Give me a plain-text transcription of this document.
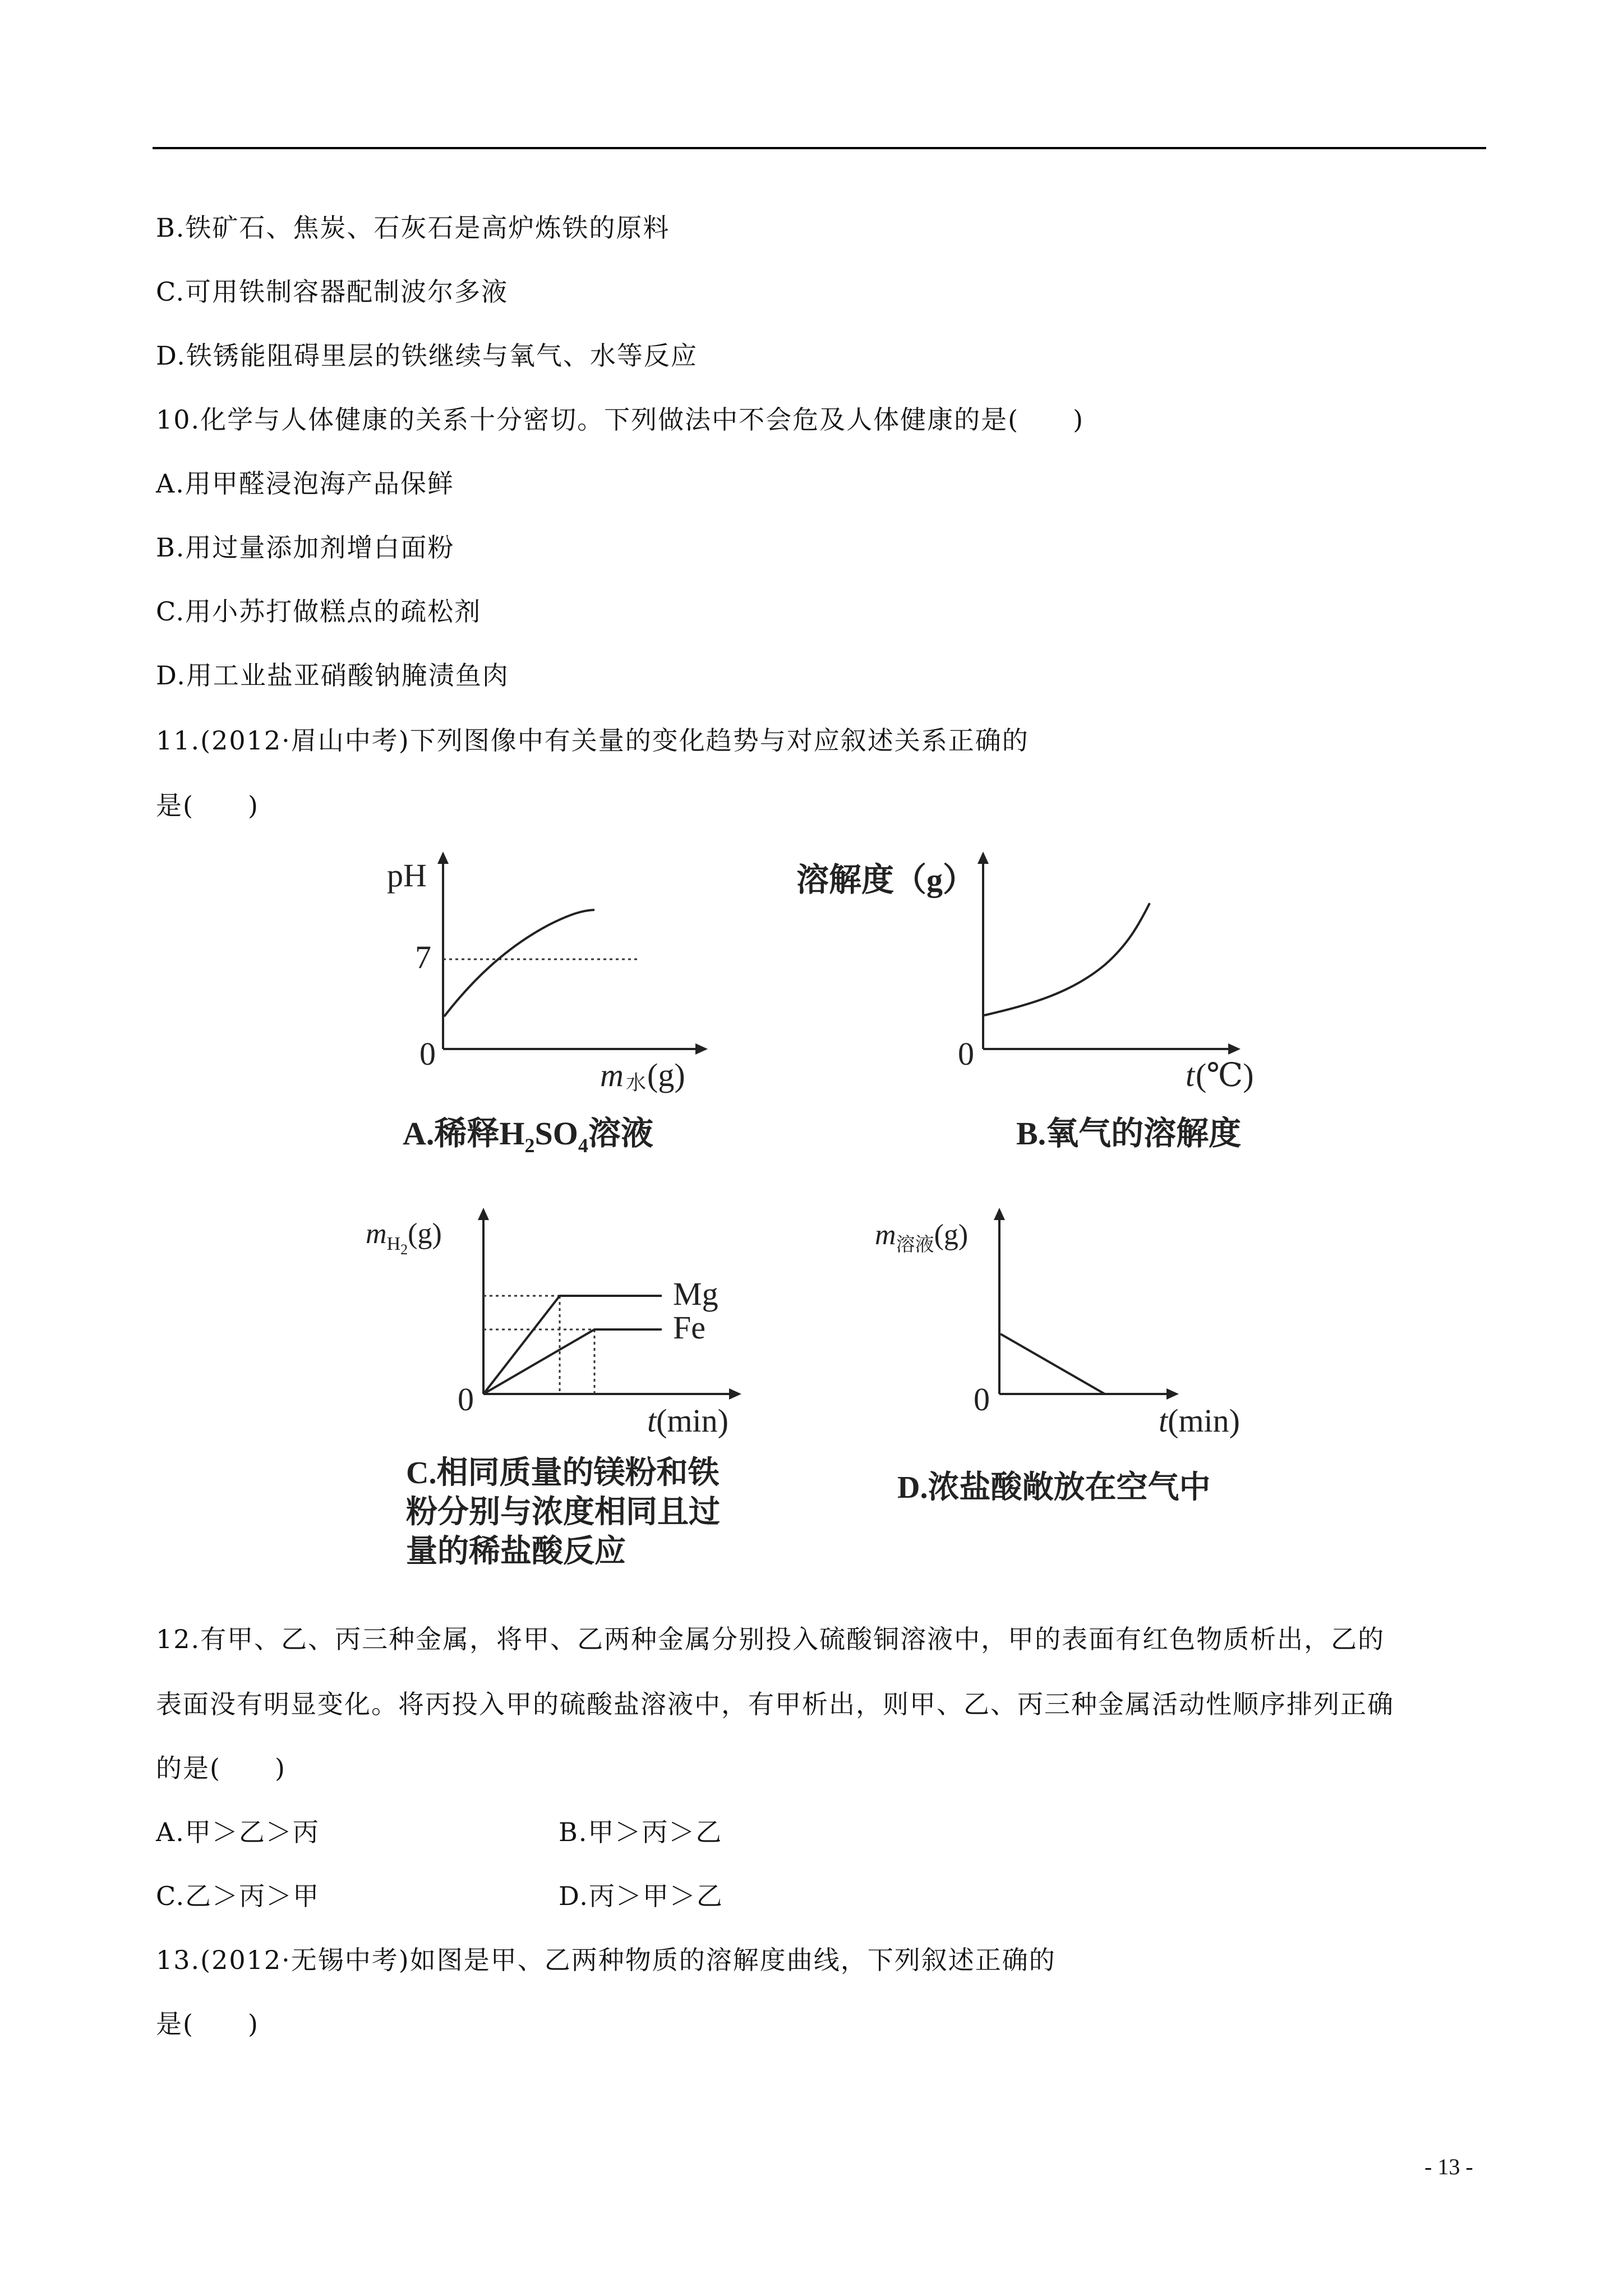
B.铁矿石、焦炭、石灰石是高炉炼铁的原料
C.可用铁制容器配制波尔多液
D.铁锈能阻碍里层的铁继续与氧气、水等反应
10.化学与人体健康的关系十分密切。下列做法中不会危及人体健康的是(　　)
A.用甲醛浸泡海产品保鲜
B.用过量添加剂增白面粉
C.用小苏打做糕点的疏松剂
D.用工业盐亚硝酸钠腌渍鱼肉
11.(2012·眉山中考)下列图像中有关量的变化趋势与对应叙述关系正确的
是(　　)
pH
7
0
m 水 (g)
A.稀释$H_2SO_4$溶液
溶解度（g）
0
t (℃)
B.氧气的溶解度
Mg
Fe
$m_H2(g)$
0
t(min)
C.相同质量的镁粉和铁
粉分别与浓度相同且过
量的稀盐酸反应
$m_{溶液}(g)$
0
t(min)
D.浓盐酸敞放在空气中
12.有甲、乙、丙三种金属，将甲、乙两种金属分别投入硫酸铜溶液中，甲的表面有红色物质析出，乙的
表面没有明显变化。将丙投入甲的硫酸盐溶液中，有甲析出，则甲、乙、丙三种金属活动性顺序排列正确
的是(　　)
A.甲＞乙＞丙	B.甲＞丙＞乙
C.乙＞丙＞甲	D.丙＞甲＞乙
13.(2012·无锡中考)如图是甲、乙两种物质的溶解度曲线，下列叙述正确的
是(　　)
- 13 -
